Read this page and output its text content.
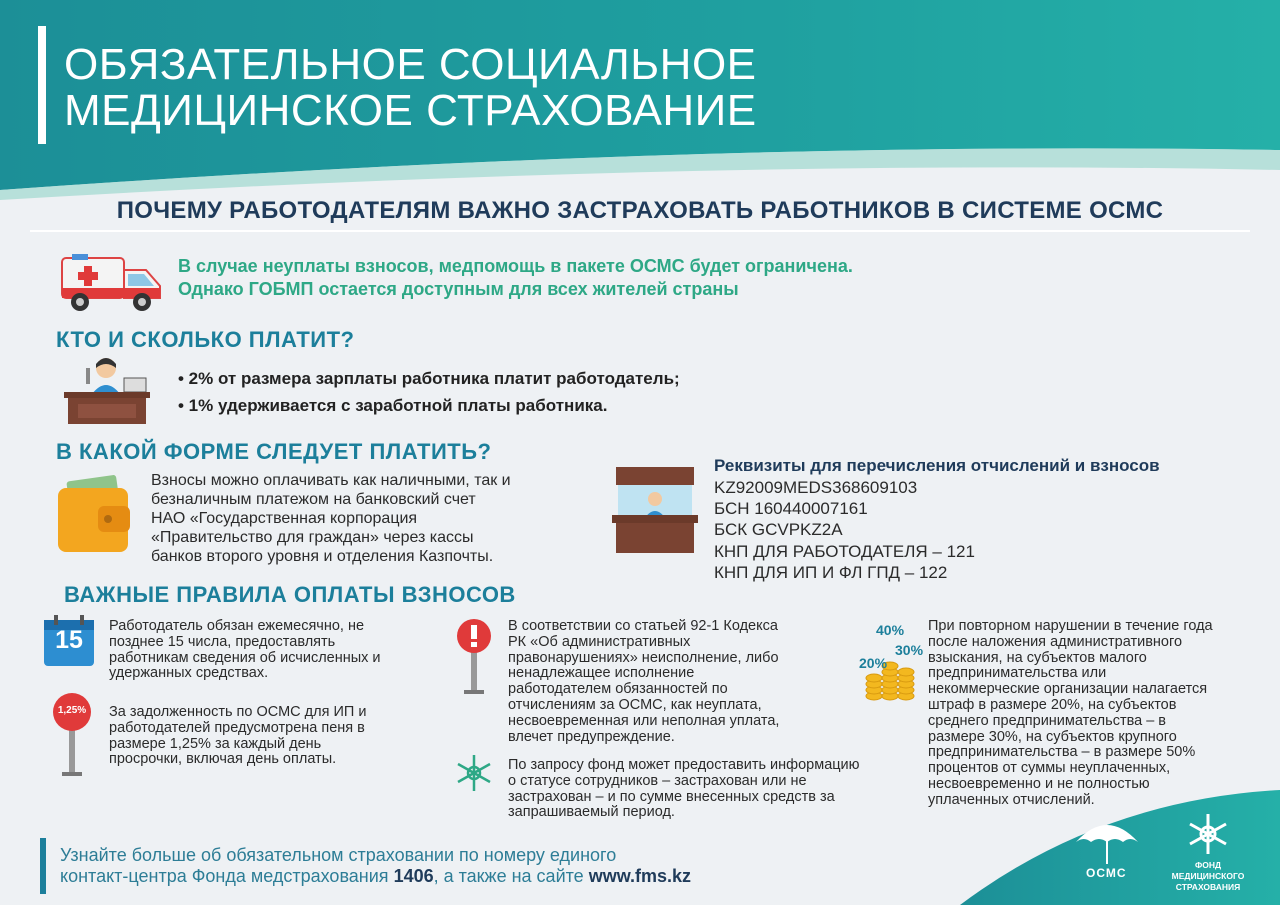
ОБЯЗАТЕЛЬНОЕ СОЦИАЛЬНОЕ
МЕДИЦИНСКОЕ СТРАХОВАНИЕ
ПОЧЕМУ РАБОТОДАТЕЛЯМ ВАЖНО ЗАСТРАХОВАТЬ РАБОТНИКОВ В СИСТЕМЕ ОСМС
В случае неуплаты взносов, медпомощь в пакете ОСМС будет ограничена.
Однако ГОБМП остается доступным для всех жителей страны
КТО И СКОЛЬКО ПЛАТИТ?
• 2% от размера зарплаты работника платит работодатель;
• 1% удерживается с заработной платы работника.
В КАКОЙ ФОРМЕ СЛЕДУЕТ ПЛАТИТЬ?
Взносы можно оплачивать как наличными, так и
безналичным платежом на банковский счет
НАО «Государственная корпорация
«Правительство для граждан» через кассы
банков второго уровня и отделения Казпочты.
Реквизиты для перечисления отчислений и взносов
KZ92009MEDS368609103
БСН 160440007161
БСК GCVPKZ2A
КНП ДЛЯ РАБОТОДАТЕЛЯ – 121
КНП ДЛЯ ИП И ФЛ ГПД – 122
ВАЖНЫЕ ПРАВИЛА ОПЛАТЫ ВЗНОСОВ
15	Работодатель обязан ежемесячно, не
позднее 15 числа, предоставлять
работникам сведения об исчисленных и
удержанных средствах.
1,25%	За задолженность по ОСМС для ИП и
работодателей предусмотрена пеня в
размере 1,25% за каждый день
просрочки, включая день оплаты.
В соответствии со статьей 92-1 Кодекса
РК «Об административных
правонарушениях» неисполнение, либо
ненадлежащее исполнение
работодателем обязанностей по
отчислениям за ОСМС, как неуплата,
несвоевременная или неполная уплата,
влечет предупреждение.
По запросу фонд может предоставить информацию
о статусе сотрудников – застрахован или не
застрахован – и по сумме внесенных средств за
запрашиваемый период.
40%
30%
20%
При повторном нарушении в течение года
после наложения административного
взыскания, на субъектов малого
предпринимательства или
некоммерческие организации налагается
штраф в размере 20%, на субъектов
среднего предпринимательства – в
размере 30%, на субъектов крупного
предпринимательства – в размере 50%
процентов от суммы неуплаченных,
несвоевременно и не полностью
уплаченных отчислений.
ОСМС
ФОНД
МЕДИЦИНСКОГО
СТРАХОВАНИЯ
Узнайте больше об обязательном страховании по номеру единого
контакт-центра Фонда медстрахования 1406, а также на сайте www.fms.kz
